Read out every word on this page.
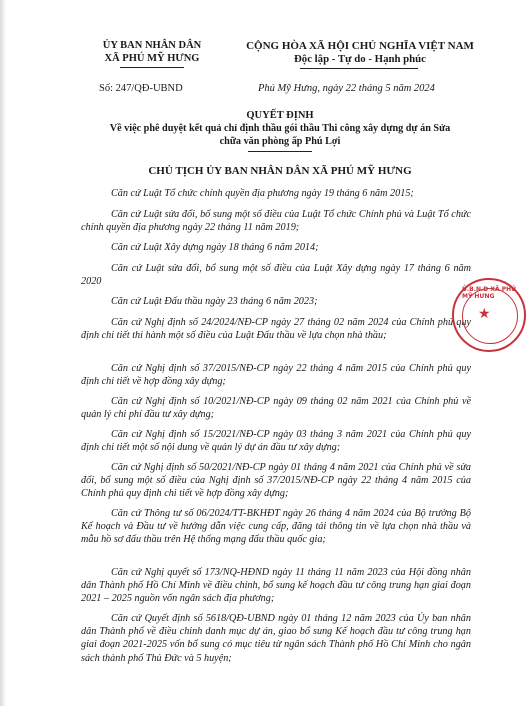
ỦY BAN NHÂN DÂN
XÃ PHÚ MỸ HƯNG
CỘNG HÒA XÃ HỘI CHỦ NGHĨA VIỆT NAM
Độc lập - Tự do - Hạnh phúc
Số: 247/QĐ-UBND	Phú Mỹ Hưng, ngày 22 tháng 5 năm 2024
QUYẾT ĐỊNH
Về việc phê duyệt kết quả chỉ định thầu gói thầu Thi công xây dựng dự án Sửa
chữa văn phòng ấp Phú Lợi
CHỦ TỊCH ỦY BAN NHÂN DÂN XÃ PHÚ MỸ HƯNG
Căn cứ Luật Tổ chức chính quyền địa phương ngày 19 tháng 6 năm 2015;
Căn cứ Luật sửa đổi, bổ sung một số điều của Luật Tổ chức Chính phủ và Luật Tổ chức chính quyền địa phương ngày 22 tháng 11 năm 2019;
Căn cứ Luật Xây dựng ngày 18 tháng 6 năm 2014;
Căn cứ Luật sửa đổi, bổ sung một số điều của Luật Xây dựng ngày 17 tháng 6 năm 2020
Căn cứ Luật Đấu thầu ngày 23 tháng 6 năm 2023;
Căn cứ Nghị định số 24/2024/NĐ-CP ngày 27 tháng 02 năm 2024 của Chính phủ quy định chi tiết thi hành một số điều của Luật Đấu thầu về lựa chọn nhà thầu;
Căn cứ Nghị định số 37/2015/NĐ-CP ngày 22 tháng 4 năm 2015 của Chính phủ quy định chi tiết về hợp đồng xây dựng;
Căn cứ Nghị định số 10/2021/NĐ-CP ngày 09 tháng 02 năm 2021 của Chính phủ về quản lý chi phí đầu tư xây dựng;
Căn cứ Nghị định số 15/2021/NĐ-CP ngày 03 tháng 3 năm 2021 của Chính phủ quy định chi tiết một số nội dung về quản lý dự án đầu tư xây dựng;
Căn cứ Nghị định số 50/2021/NĐ-CP ngày 01 tháng 4 năm 2021 của Chính phủ về sửa đổi, bổ sung một số điều của Nghị định số 37/2015/NĐ-CP ngày 22 tháng 4 năm 2015 của Chính phủ quy định chi tiết về hợp đồng xây dựng;
Căn cứ Thông tư số 06/2024/TT-BKHĐT ngày 26 tháng 4 năm 2024 của Bộ trưởng Bộ Kế hoạch và Đầu tư về hướng dẫn việc cung cấp, đăng tải thông tin về lựa chọn nhà thầu và mẫu hồ sơ đấu thầu trên Hệ thống mạng đấu thầu quốc gia;
Căn cứ Nghị quyết số 173/NQ-HĐND ngày 11 tháng 11 năm 2023 của Hội đồng nhân dân Thành phố Hồ Chí Minh về điều chỉnh, bổ sung kế hoạch đầu tư công trung hạn giai đoạn 2021 – 2025 nguồn vốn ngân sách địa phương;
Căn cứ Quyết định số 5618/QĐ-UBND ngày 01 tháng 12 năm 2023 của Ủy ban nhân dân Thành phố về điều chỉnh danh mục dự án, giao bổ sung Kế hoạch đầu tư công trung hạn giai đoạn 2021-2025 vốn bổ sung có mục tiêu từ ngân sách Thành phố Hồ Chí Minh cho ngân sách thành phố Thủ Đức và 5 huyện;
Ủ.B.N.D XÃ PHÚ MỸ HƯNG
★
